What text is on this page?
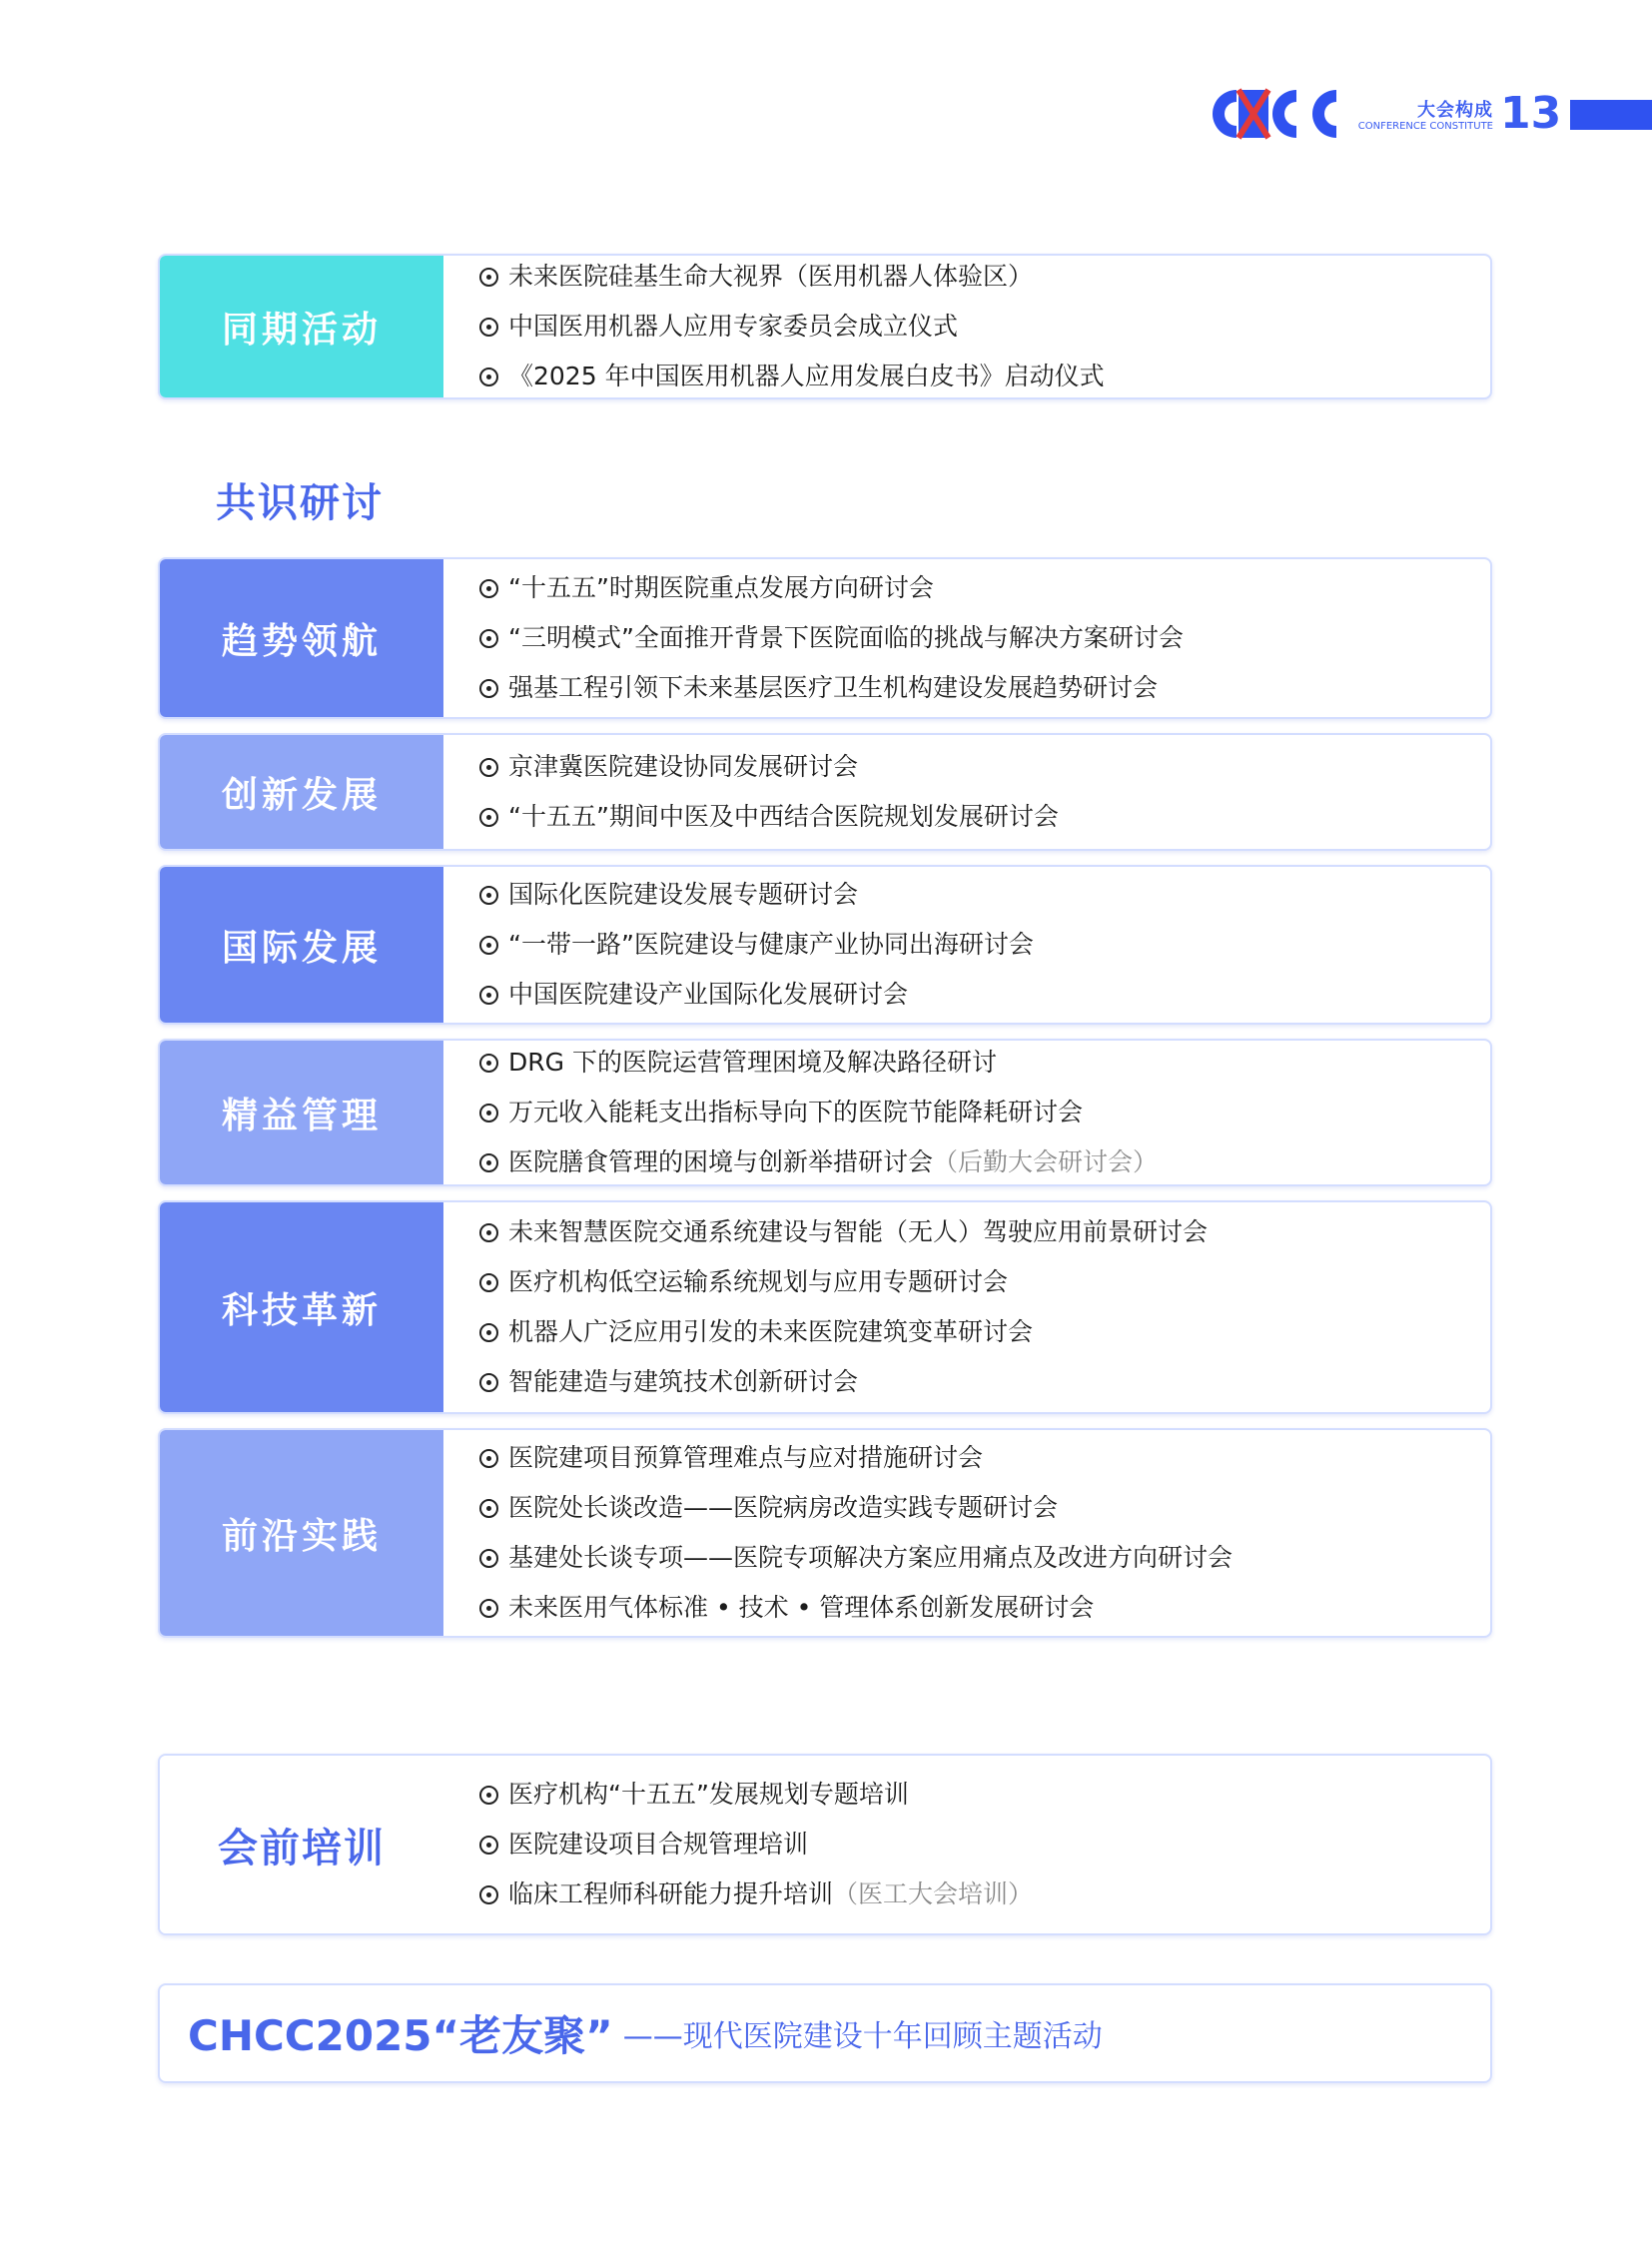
大会构成
CONFERENCE CONSTITUTE 13
同期活动
未来医院硅基生命大视界（医用机器人体验区）
中国医用机器人应用专家委员会成立仪式
《2025 年中国医用机器人应用发展白皮书》启动仪式
共识研讨
趋势领航
“十五五”时期医院重点发展方向研讨会
“三明模式”全面推开背景下医院面临的挑战与解决方案研讨会
强基工程引领下未来基层医疗卫生机构建设发展趋势研讨会
创新发展
京津冀医院建设协同发展研讨会
“十五五”期间中医及中西结合医院规划发展研讨会
国际发展
国际化医院建设发展专题研讨会
“一带一路”医院建设与健康产业协同出海研讨会
中国医院建设产业国际化发展研讨会
精益管理
DRG 下的医院运营管理困境及解决路径研讨
万元收入能耗支出指标导向下的医院节能降耗研讨会
医院膳食管理的困境与创新举措研讨会 （后勤大会研讨会）
科技革新
未来智慧医院交通系统建设与智能（无人）驾驶应用前景研讨会
医疗机构低空运输系统规划与应用专题研讨会
机器人广泛应用引发的未来医院建筑变革研讨会
智能建造与建筑技术创新研讨会
前沿实践
医院建项目预算管理难点与应对措施研讨会
医院处长谈改造——医院病房改造实践专题研讨会
基建处长谈专项——医院专项解决方案应用痛点及改进方向研讨会
未来医用气体标准 • 技术 • 管理体系创新发展研讨会
会前培训
医疗机构“十五五”发展规划专题培训
医院建设项目合规管理培训
临床工程师科研能力提升培训 （医工大会培训）
CHCC2025“老友聚” ——现代医院建设十年回顾主题活动
